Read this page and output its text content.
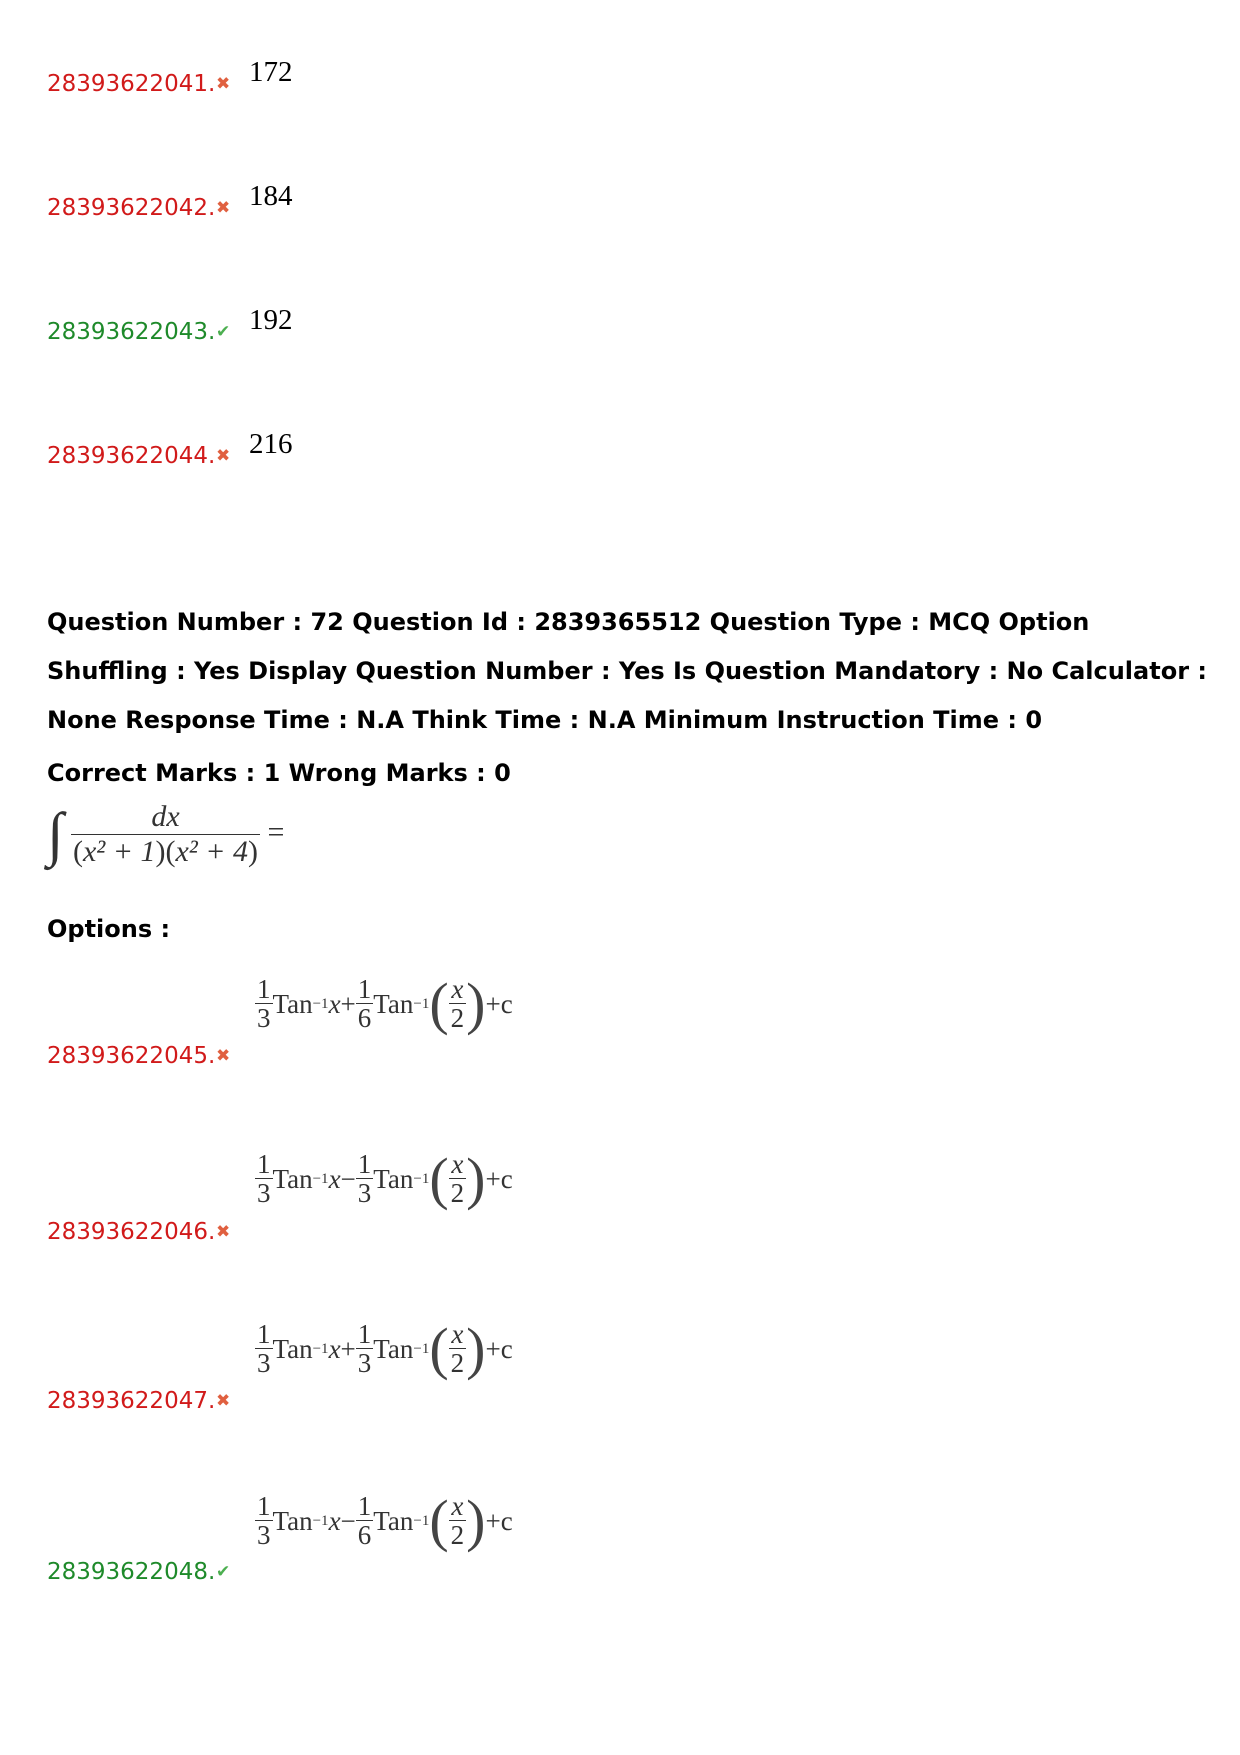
28393622041. ✖ 172
28393622042. ✖ 184
28393622043. ✔ 192
28393622044. ✖ 216
Question Number : 72 Question Id : 2839365512 Question Type : MCQ Option Shuffling : Yes Display Question Number : Yes Is Question Mandatory : No Calculator : None Response Time : N.A Think Time : N.A Minimum Instruction Time : 0
Correct Marks : 1 Wrong Marks : 0
∫ $\frac{dx}{\text{(x² + 1)(x² + 4)}}$ =
Options :
$\frac{1}{3}$ Tan −1 $x + \frac{1}{6}$ Tan −1 ( $\frac{x}{2}$ ) +c
28393622045. ✖
$\frac{1}{3}$ Tan −1 $x - \frac{1}{3}$ Tan −1 ( $\frac{x}{2}$ ) +c
28393622046. ✖
$\frac{1}{3}$ Tan −1 $x + \frac{1}{3}$ Tan −1 ( $\frac{x}{2}$ ) +c
28393622047. ✖
$\frac{1}{3}$ Tan −1 $x - \frac{1}{6}$ Tan −1 ( $\frac{x}{2}$ ) +c
28393622048. ✔
